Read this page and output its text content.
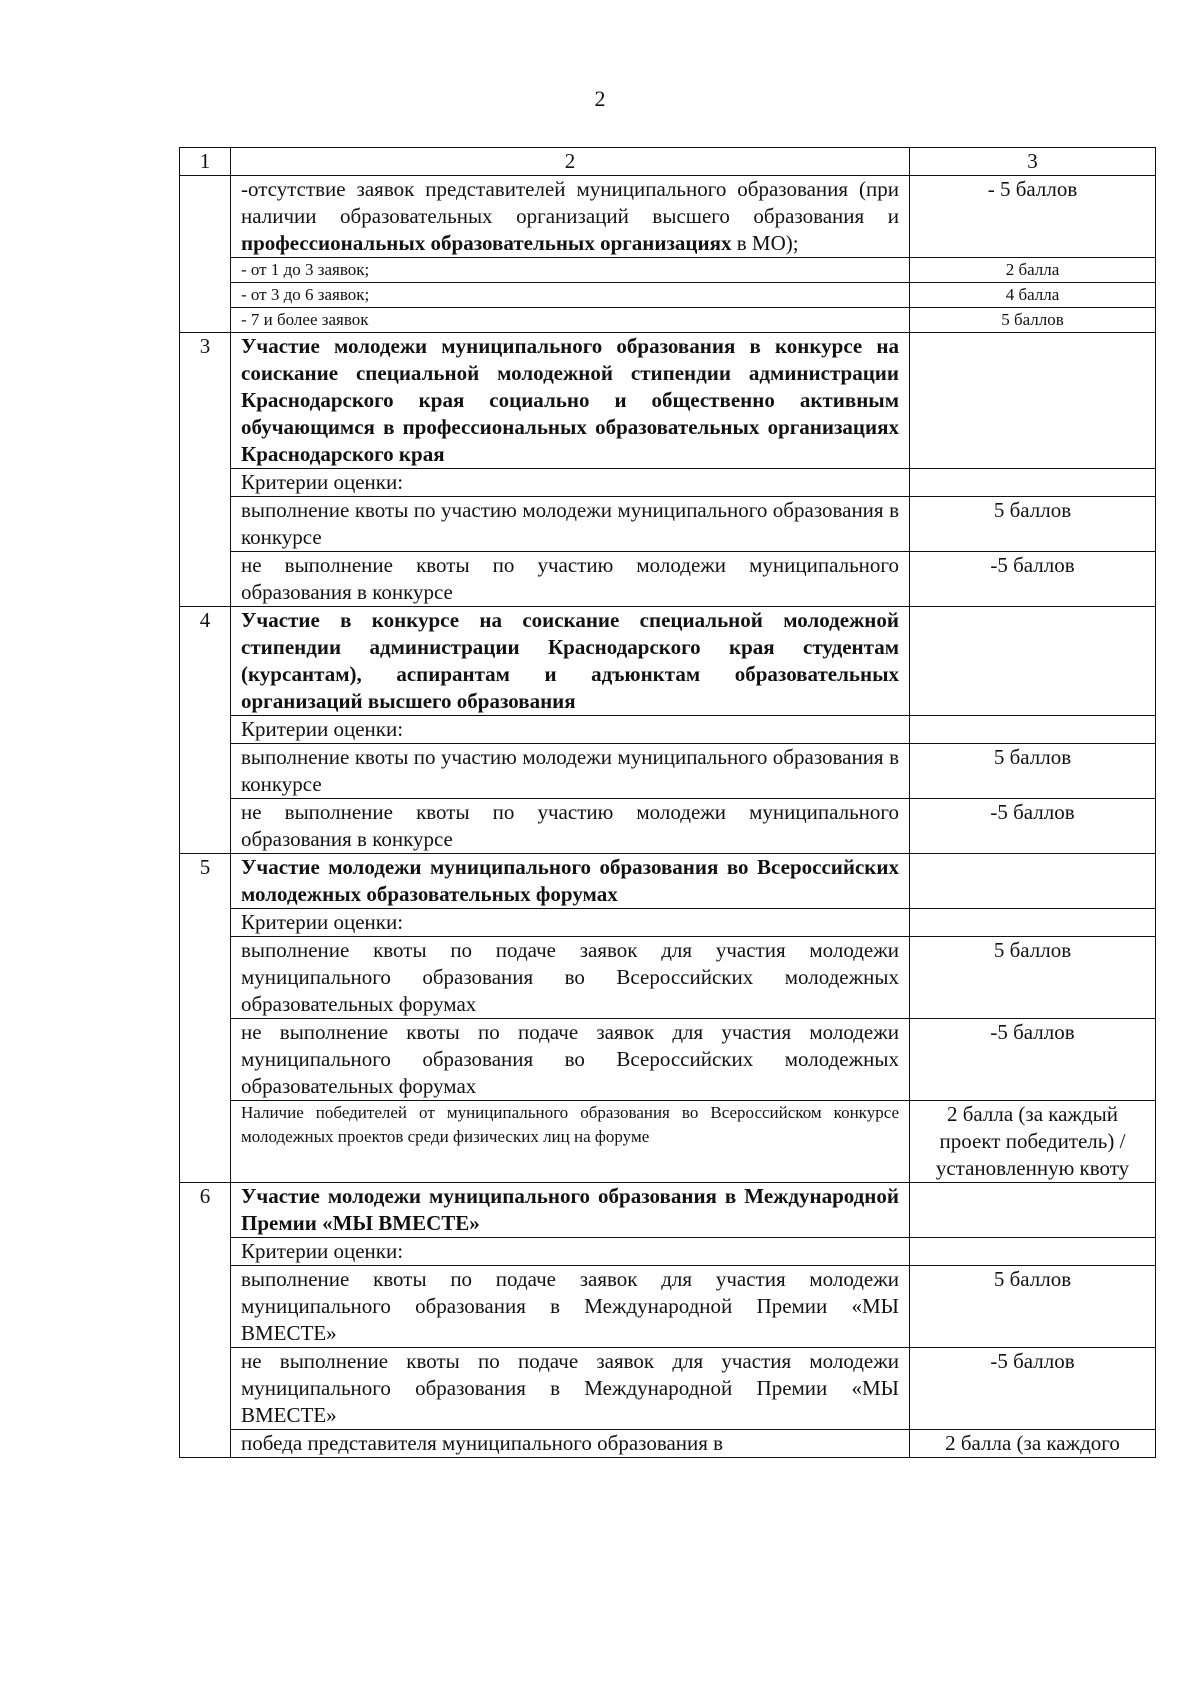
2
1	2	3
	-отсутствие заявок представителей муниципального образования (при наличии образовательных организаций высшего образования и профессиональных образовательных организациях в МО);	- 5 баллов
	- от 1 до 3 заявок;	2 балла
	- от 3 до 6 заявок;	4 балла
	- 7 и более заявок	5 баллов
3	Участие молодежи муниципального образования в конкурсе на соискание специальной молодежной стипендии администрации Краснодарского края социально и общественно активным обучающимся в профессиональных образовательных организациях Краснодарского края	
	Критерии оценки:	
	выполнение квоты по участию молодежи муниципального образования в конкурсе	5 баллов
	не выполнение квоты по участию молодежи муниципального образования в конкурсе	-5 баллов
4	Участие в конкурсе на соискание специальной молодежной стипендии администрации Краснодарского края студентам (курсантам), аспирантам и адъюнктам образовательных организаций высшего образования	
	Критерии оценки:	
	выполнение квоты по участию молодежи муниципального образования в конкурсе	5 баллов
	не выполнение квоты по участию молодежи муниципального образования в конкурсе	-5 баллов
5	Участие молодежи муниципального образования во Всероссийских молодежных образовательных форумах	
	Критерии оценки:	
	выполнение квоты по подаче заявок для участия молодежи муниципального образования во Всероссийских молодежных образовательных форумах	5 баллов
	не выполнение квоты по подаче заявок для участия молодежи муниципального образования во Всероссийских молодежных образовательных форумах	-5 баллов
	Наличие победителей от муниципального образования во Всероссийском конкурсе молодежных проектов среди физических лиц на форуме	2 балла (за каждый проект победитель) /установленную квоту
6	Участие молодежи муниципального образования в Международной Премии «МЫ ВМЕСТЕ»	
	Критерии оценки:	
	выполнение квоты по подаче заявок для участия молодежи муниципального образования в Международной Премии «МЫ ВМЕСТЕ»	5 баллов
	не выполнение квоты по подаче заявок для участия молодежи муниципального образования в Международной Премии «МЫ ВМЕСТЕ»	-5 баллов
	победа представителя муниципального образования в	2 балла (за каждого
